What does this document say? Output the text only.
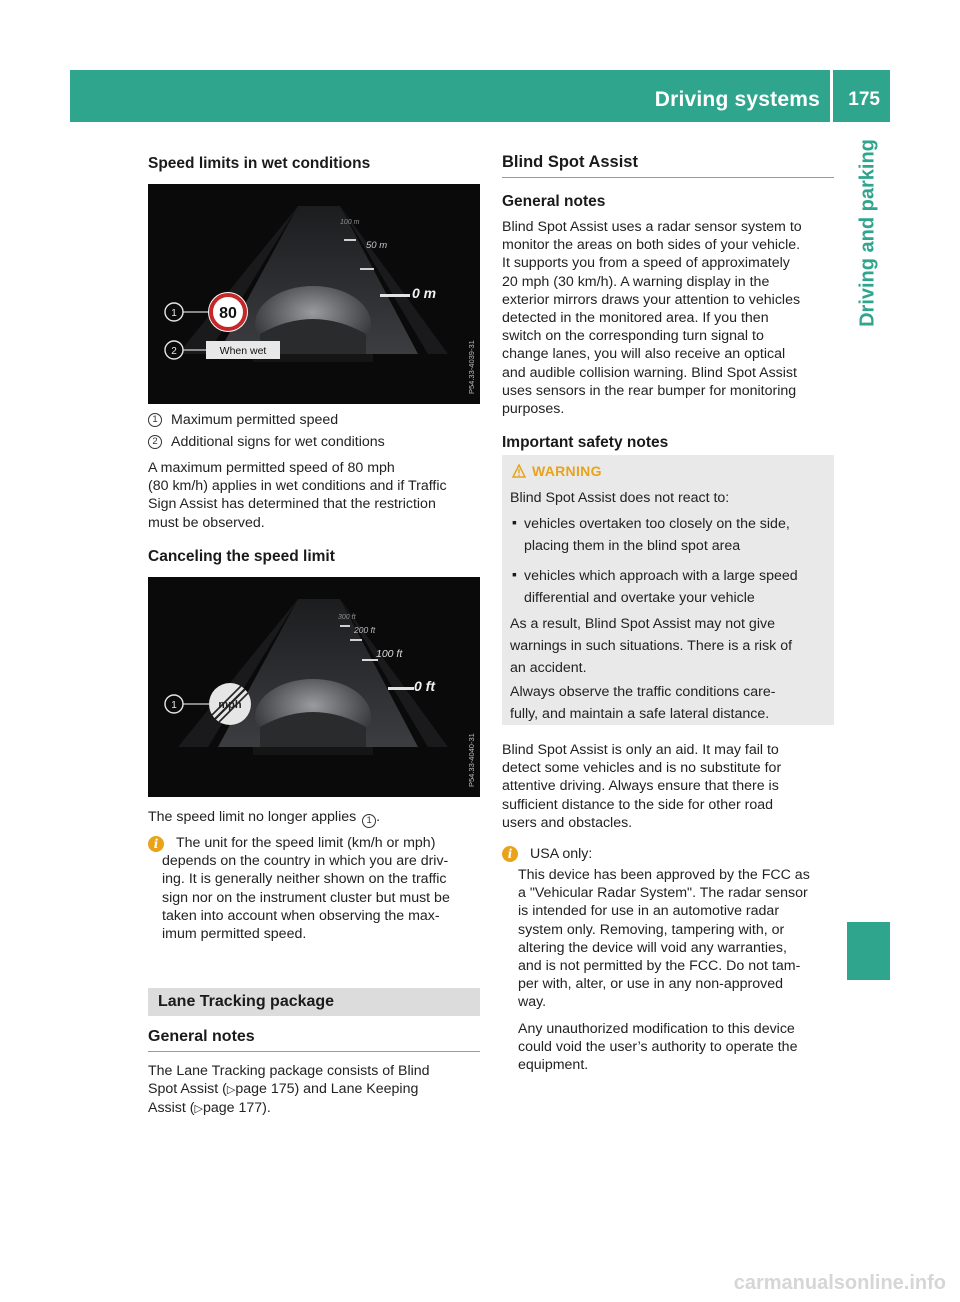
Driving systems 175
Driving and parking
Speed limits in wet conditions
100 m
50 m
0 m
80
1
When wet
2	P54.33-4039-31
1 Maximum permitted speed
2 Additional signs for wet conditions

A maximum permitted speed of 80 mph

(80 km/h) applies in wet conditions and if Traffic

Sign Assist has determined that the restriction

must be observed.

Canceling the speed limit
300 ft
200 ft
100 ft
0 ft
mph
1
P54.33-4040-31

The speed limit no longer applies 1 .

i	The unit for the speed limit (km/h or mph)

depends on the country in which you are driv-

ing. It is generally neither shown on the traffic

sign nor on the instrument cluster but must be

taken into account when observing the max-

imum permitted speed.

Lane Tracking package
General notes

The Lane Tracking package consists of Blind

Spot Assist (▷page 175) and Lane Keeping

Assist (▷page 177).

Blind Spot Assist
General notes

Blind Spot Assist uses a radar sensor system to

monitor the areas on both sides of your vehicle.

It supports you from a speed of approximately

20 mph (30 km/h). A warning display in the

exterior mirrors draws your attention to vehicles

detected in the monitored area. If you then

switch on the corresponding turn signal to

change lanes, you will also receive an optical

and audible collision warning. Blind Spot Assist

uses sensors in the rear bumper for monitoring

purposes.

Important safety notes
WARNING

Blind Spot Assist does not react to:

▪ vehicles overtaken too closely on the side,

placing them in the blind spot area

▪ vehicles which approach with a large speed

differential and overtake your vehicle

As a result, Blind Spot Assist may not give

warnings in such situations. There is a risk of

an accident.

Always observe the traffic conditions care-

fully, and maintain a safe lateral distance.

Blind Spot Assist is only an aid. It may fail to

detect some vehicles and is no substitute for

attentive driving. Always ensure that there is

sufficient distance to the side for other road

users and obstacles.

i	USA only:

This device has been approved by the FCC as

a "Vehicular Radar System". The radar sensor

is intended for use in an automotive radar

system only. Removing, tampering with, or

altering the device will void any warranties,

and is not permitted by the FCC. Do not tam-

per with, alter, or use in any non-approved

way.

Any unauthorized modification to this device

could void the user’s authority to operate the

equipment.

carmanualsonline.info
